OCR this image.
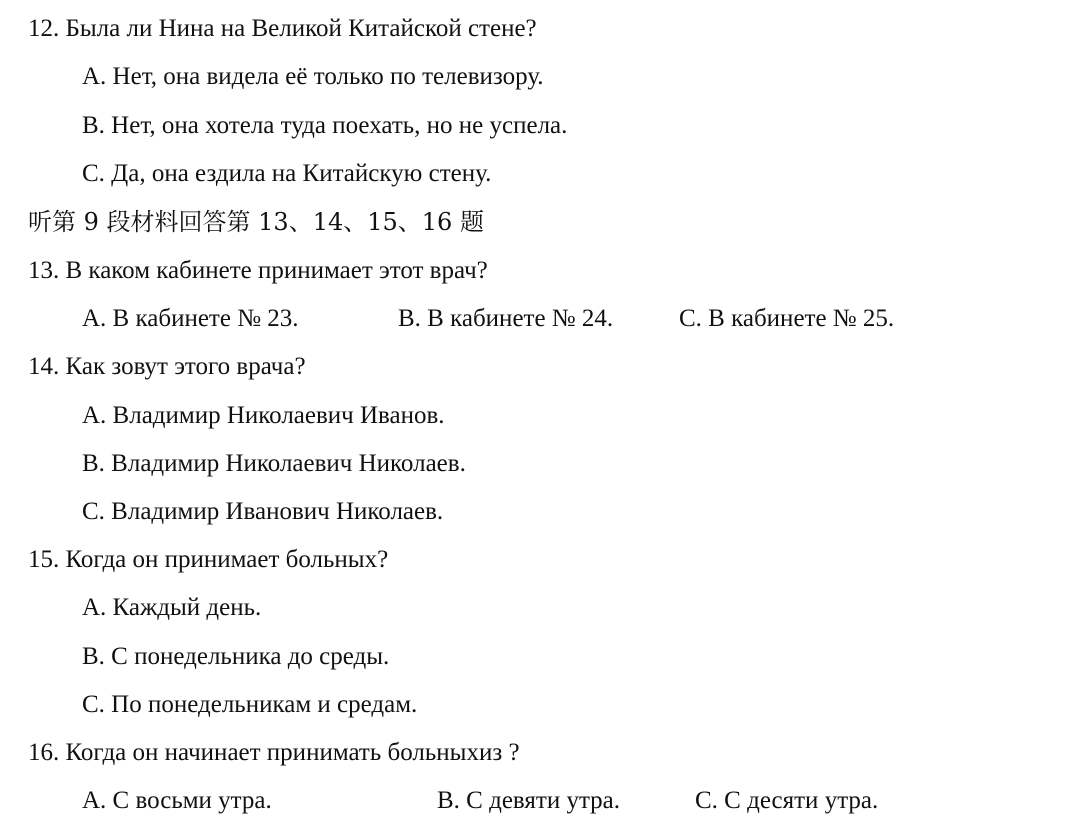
12. Была ли Нина на Великой Китайской стене?
A. Нет, она видела её только по телевизору.
B. Нет, она хотела туда поехать, но не успела.
C. Да, она ездила на Китайскую стену.
听第 9 段材料回答第 13、14、15、16 题
13. В каком кабинете принимает этот врач?
A. В кабинете № 23.	B. В кабинете № 24.	C. В кабинете № 25.
14. Как зовут этого врача?
A. Владимир Николаевич Иванов.
B. Владимир Николаевич Николаев.
C. Владимир Иванович Николаев.
15. Когда он принимает больных?
A. Каждый день.
B. С понедельника до среды.
C. По понедельникам и средам.
16. Когда он начинает принимать больныхиз ?
A. С восьми утра.	B. С девяти утра.	C. С десяти утра.
